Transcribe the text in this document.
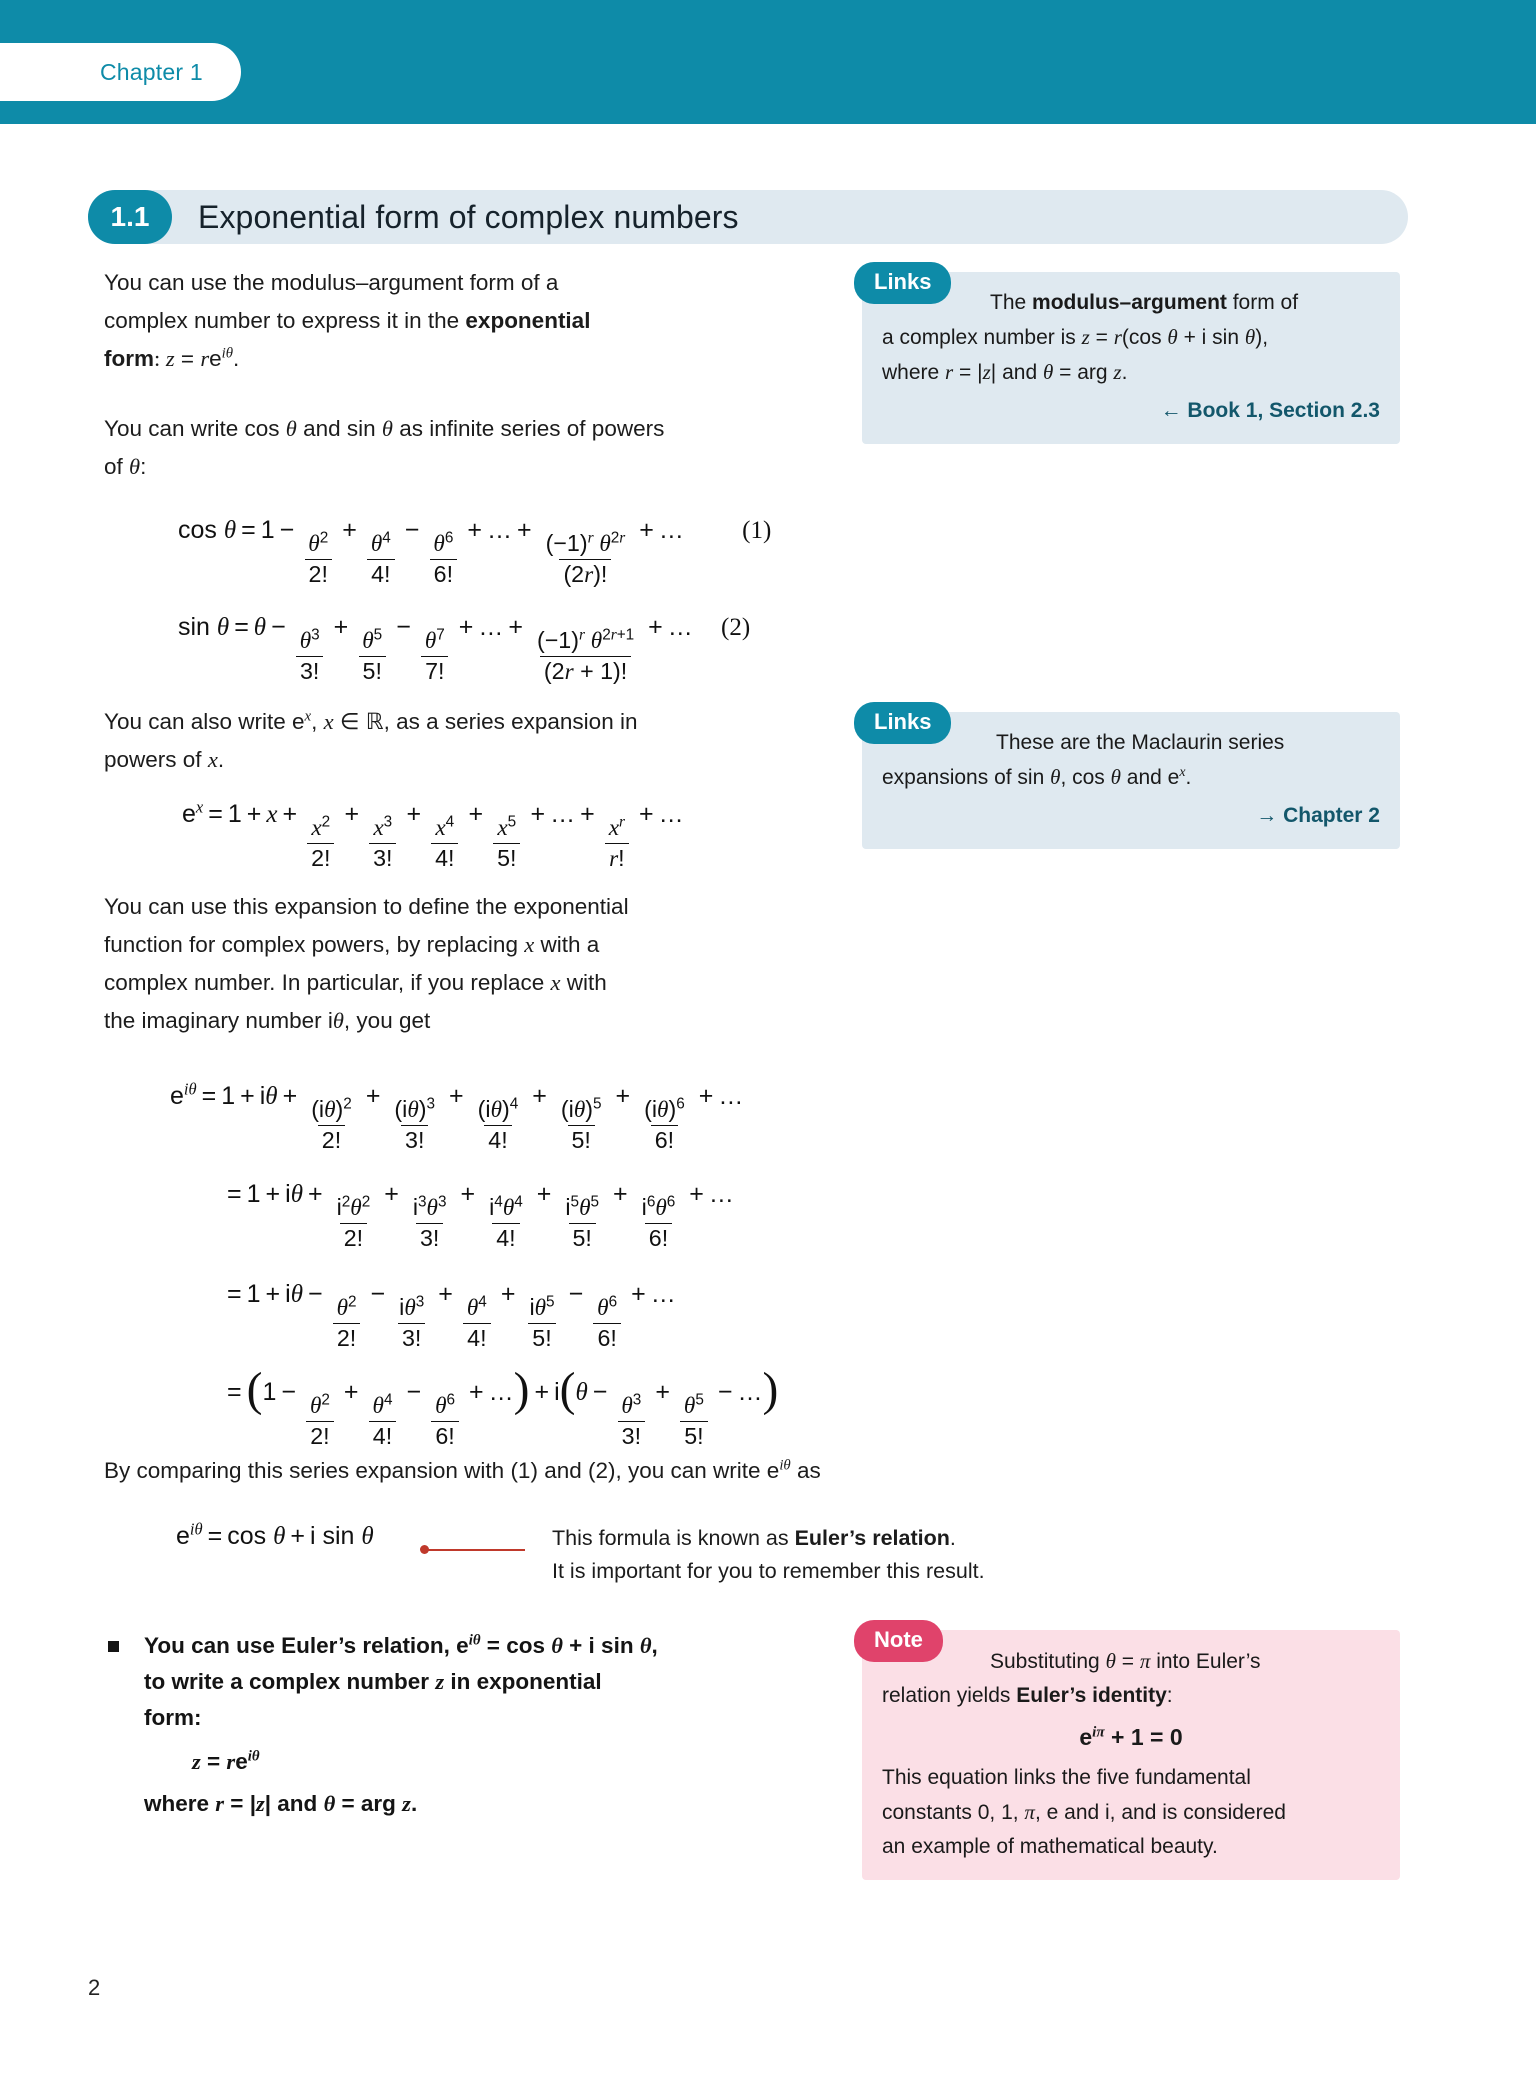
Chapter 1
1.1	Exponential form of complex numbers
You can use the modulus–argument form of a
complex number to express it in the exponential
form: $z = re^{i\theta}$.
Links
The modulus–argument form of
a complex number is z = r(cos θ + i sin θ),
where r = |z| and θ = arg z.
← Book 1, Section 2.3
You can write cos θ and sin θ as infinite series of powers
of θ:
cos θ = 1 −
$\frac{\theta^2}{2!}$
+
$\frac{\theta^4}{4!}$
−
$\frac{\theta^6}{6!}$
+ … + $\frac{(-1)^r \theta^{2r}}{(2r)!}$ + … (1)
sin θ = θ −
$\frac{\theta^3}{3!}$
+
$\frac{\theta^5}{5!}$
−
$\frac{\theta^7}{7!}$
+ … + $\frac{(-1)^r \theta^{2r+1}}{(2r + 1)!}$ + … (2)
You can also write $e^x$, x ∈ ℝ, as a series expansion in
powers of x.
Links
These are the Maclaurin series
expansions of sin θ, cos θ and $e^x$.
→ Chapter 2
$e^x = 1 + x$ +
$\frac{x^2}{2!}$
+
$\frac{x^3}{3!}$
+
$\frac{x^4}{4!}$
+
$\frac{x^5}{5!}$
+ … +
$\frac{x^r}{r!}$
+ …
You can use this expansion to define the exponential
function for complex powers, by replacing x with a
complex number. In particular, if you replace x with
the imaginary number iθ, you get
$e^{i\theta} = 1 + i\theta + \frac{(i\theta)^2}{2!} + \frac{(i\theta)^3}{3!} + \frac{(i\theta)^4}{4!} + \frac{(i\theta)^5}{5!} + \frac{(i\theta)^6}{6!}$ + …
= $1 + i\theta + \frac{i^2\theta^2}{2!} + \frac{i^3\theta^3}{3!} + \frac{i^4\theta^4}{4!} + \frac{i^5\theta^5}{5!} + \frac{i^6\theta^6}{6!}$ + …
= 1 + iθ −
$\frac{\theta^2}{2!}$
− $\frac{i\theta^3}{3!}$ +
$\frac{\theta^4}{4!}$
+ $\frac{i\theta^5}{5!}$ −
$\frac{\theta^6}{6!}$
+ …
= (1 −
$\frac{\theta^2}{2!}$
+
$\frac{\theta^4}{4!}$
−
$\frac{\theta^6}{6!}$
+ …) + i(θ −
$\frac{\theta^3}{3!}$
+
$\frac{\theta^5}{5!}$
− …)
By comparing this series expansion with (1) and (2), you can write $e^{i\theta}$ as
$e^{i\theta} = \cos \theta + i$ sin θ	This formula is known as Euler’s relation.
It is important for you to remember this result.
You can use Euler’s relation, $e^{i\theta} = \cos \theta + i$ sin θ,
to write a complex number z in exponential
form:
$z = re^{i\theta}$
where r = |z| and θ = arg z.
Note
Substituting θ = π into Euler’s
relation yields Euler’s identity:

$e^{i\pi} + 1 = 0$
This equation links the five fundamental
constants 0, 1, π, e and i, and is considered
an example of mathematical beauty.
2
